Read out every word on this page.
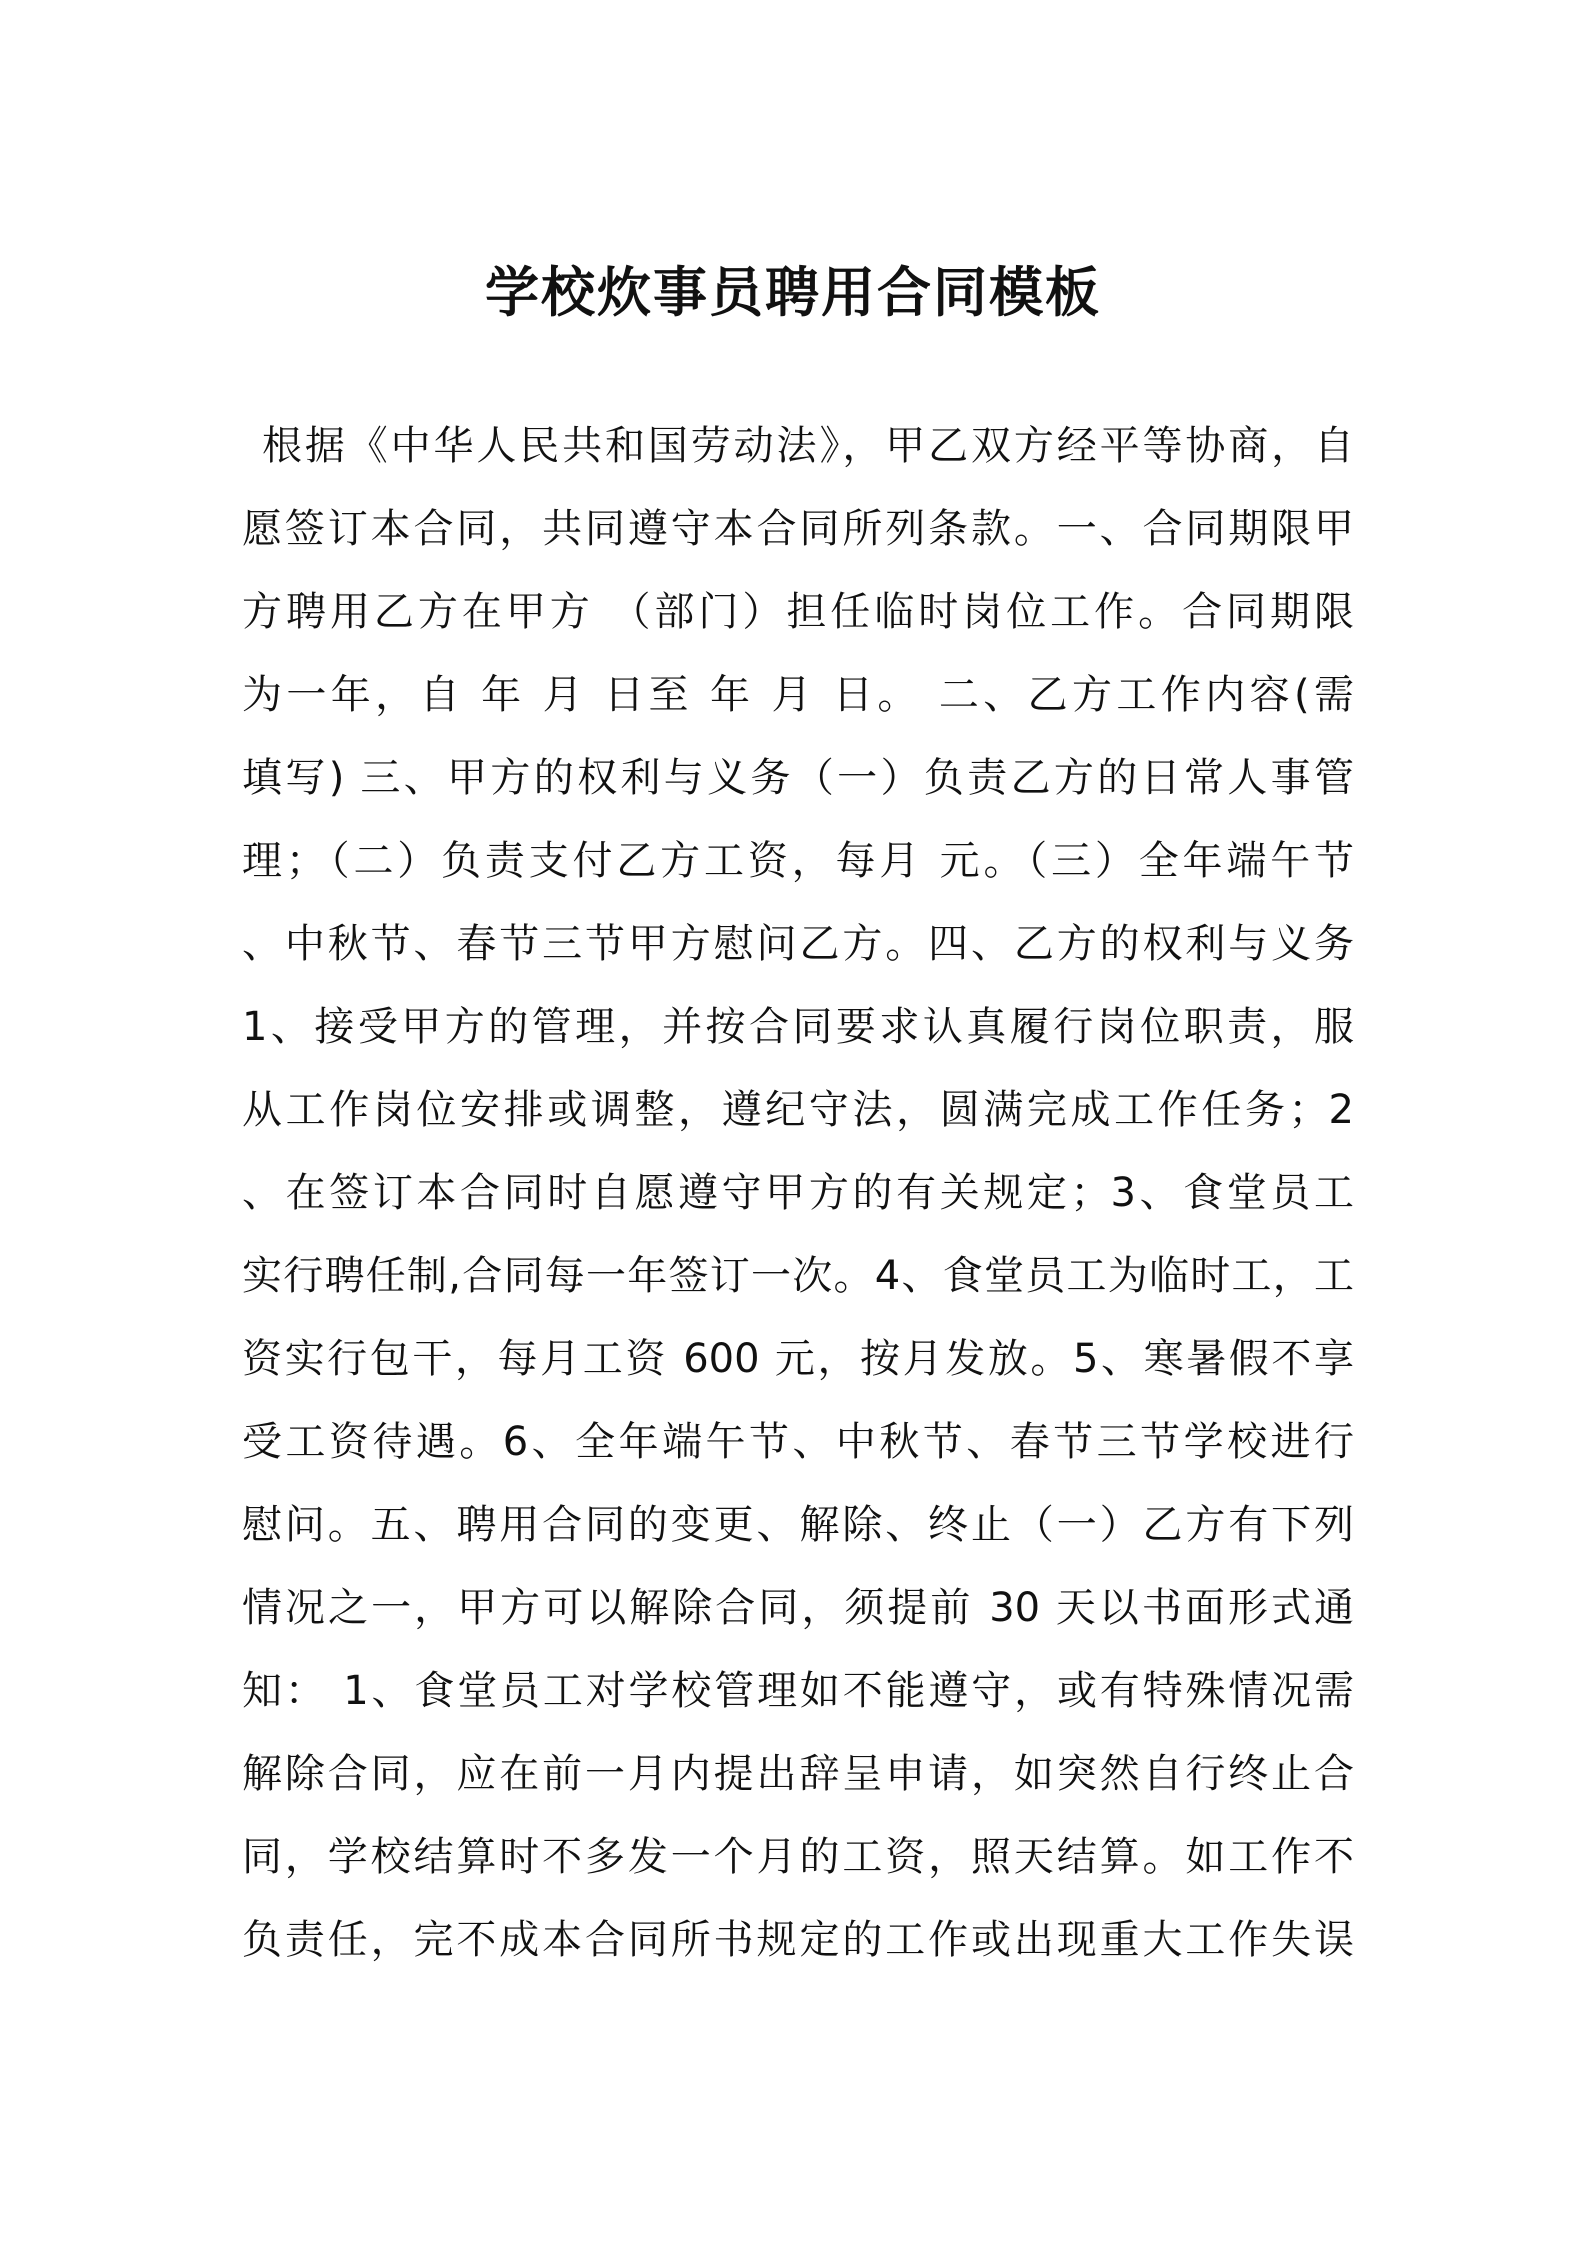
学校炊事员聘用合同模板
根据《中华人民共和国劳动法》，甲乙双方经平等协商，自
愿签订本合同，共同遵守本合同所列条款。一、合同期限甲
方聘用乙方在甲方 （部门）担任临时岗位工作。合同期限
为一年，自 年 月 日至 年 月 日。 二、乙方工作内容(需
填写) 三、甲方的权利与义务（一）负责乙方的日常人事管
理；（二）负责支付乙方工资，每月 元。（三）全年端午节
、中秋节、春节三节甲方慰问乙方。四、乙方的权利与义务
1、接受甲方的管理，并按合同要求认真履行岗位职责，服
从工作岗位安排或调整，遵纪守法，圆满完成工作任务；2
、在签订本合同时自愿遵守甲方的有关规定；3、食堂员工
实行聘任制,合同每一年签订一次。4、食堂员工为临时工，工
资实行包干，每月工资 600 元，按月发放。5、寒暑假不享
受工资待遇。6、全年端午节、中秋节、春节三节学校进行
慰问。五、聘用合同的变更、解除、终止（一）乙方有下列
情况之一，甲方可以解除合同，须提前 30 天以书面形式通
知： 1、食堂员工对学校管理如不能遵守，或有特殊情况需
解除合同，应在前一月内提出辞呈申请，如突然自行终止合
同，学校结算时不多发一个月的工资，照天结算。如工作不
负责任，完不成本合同所书规定的工作或出现重大工作失误
